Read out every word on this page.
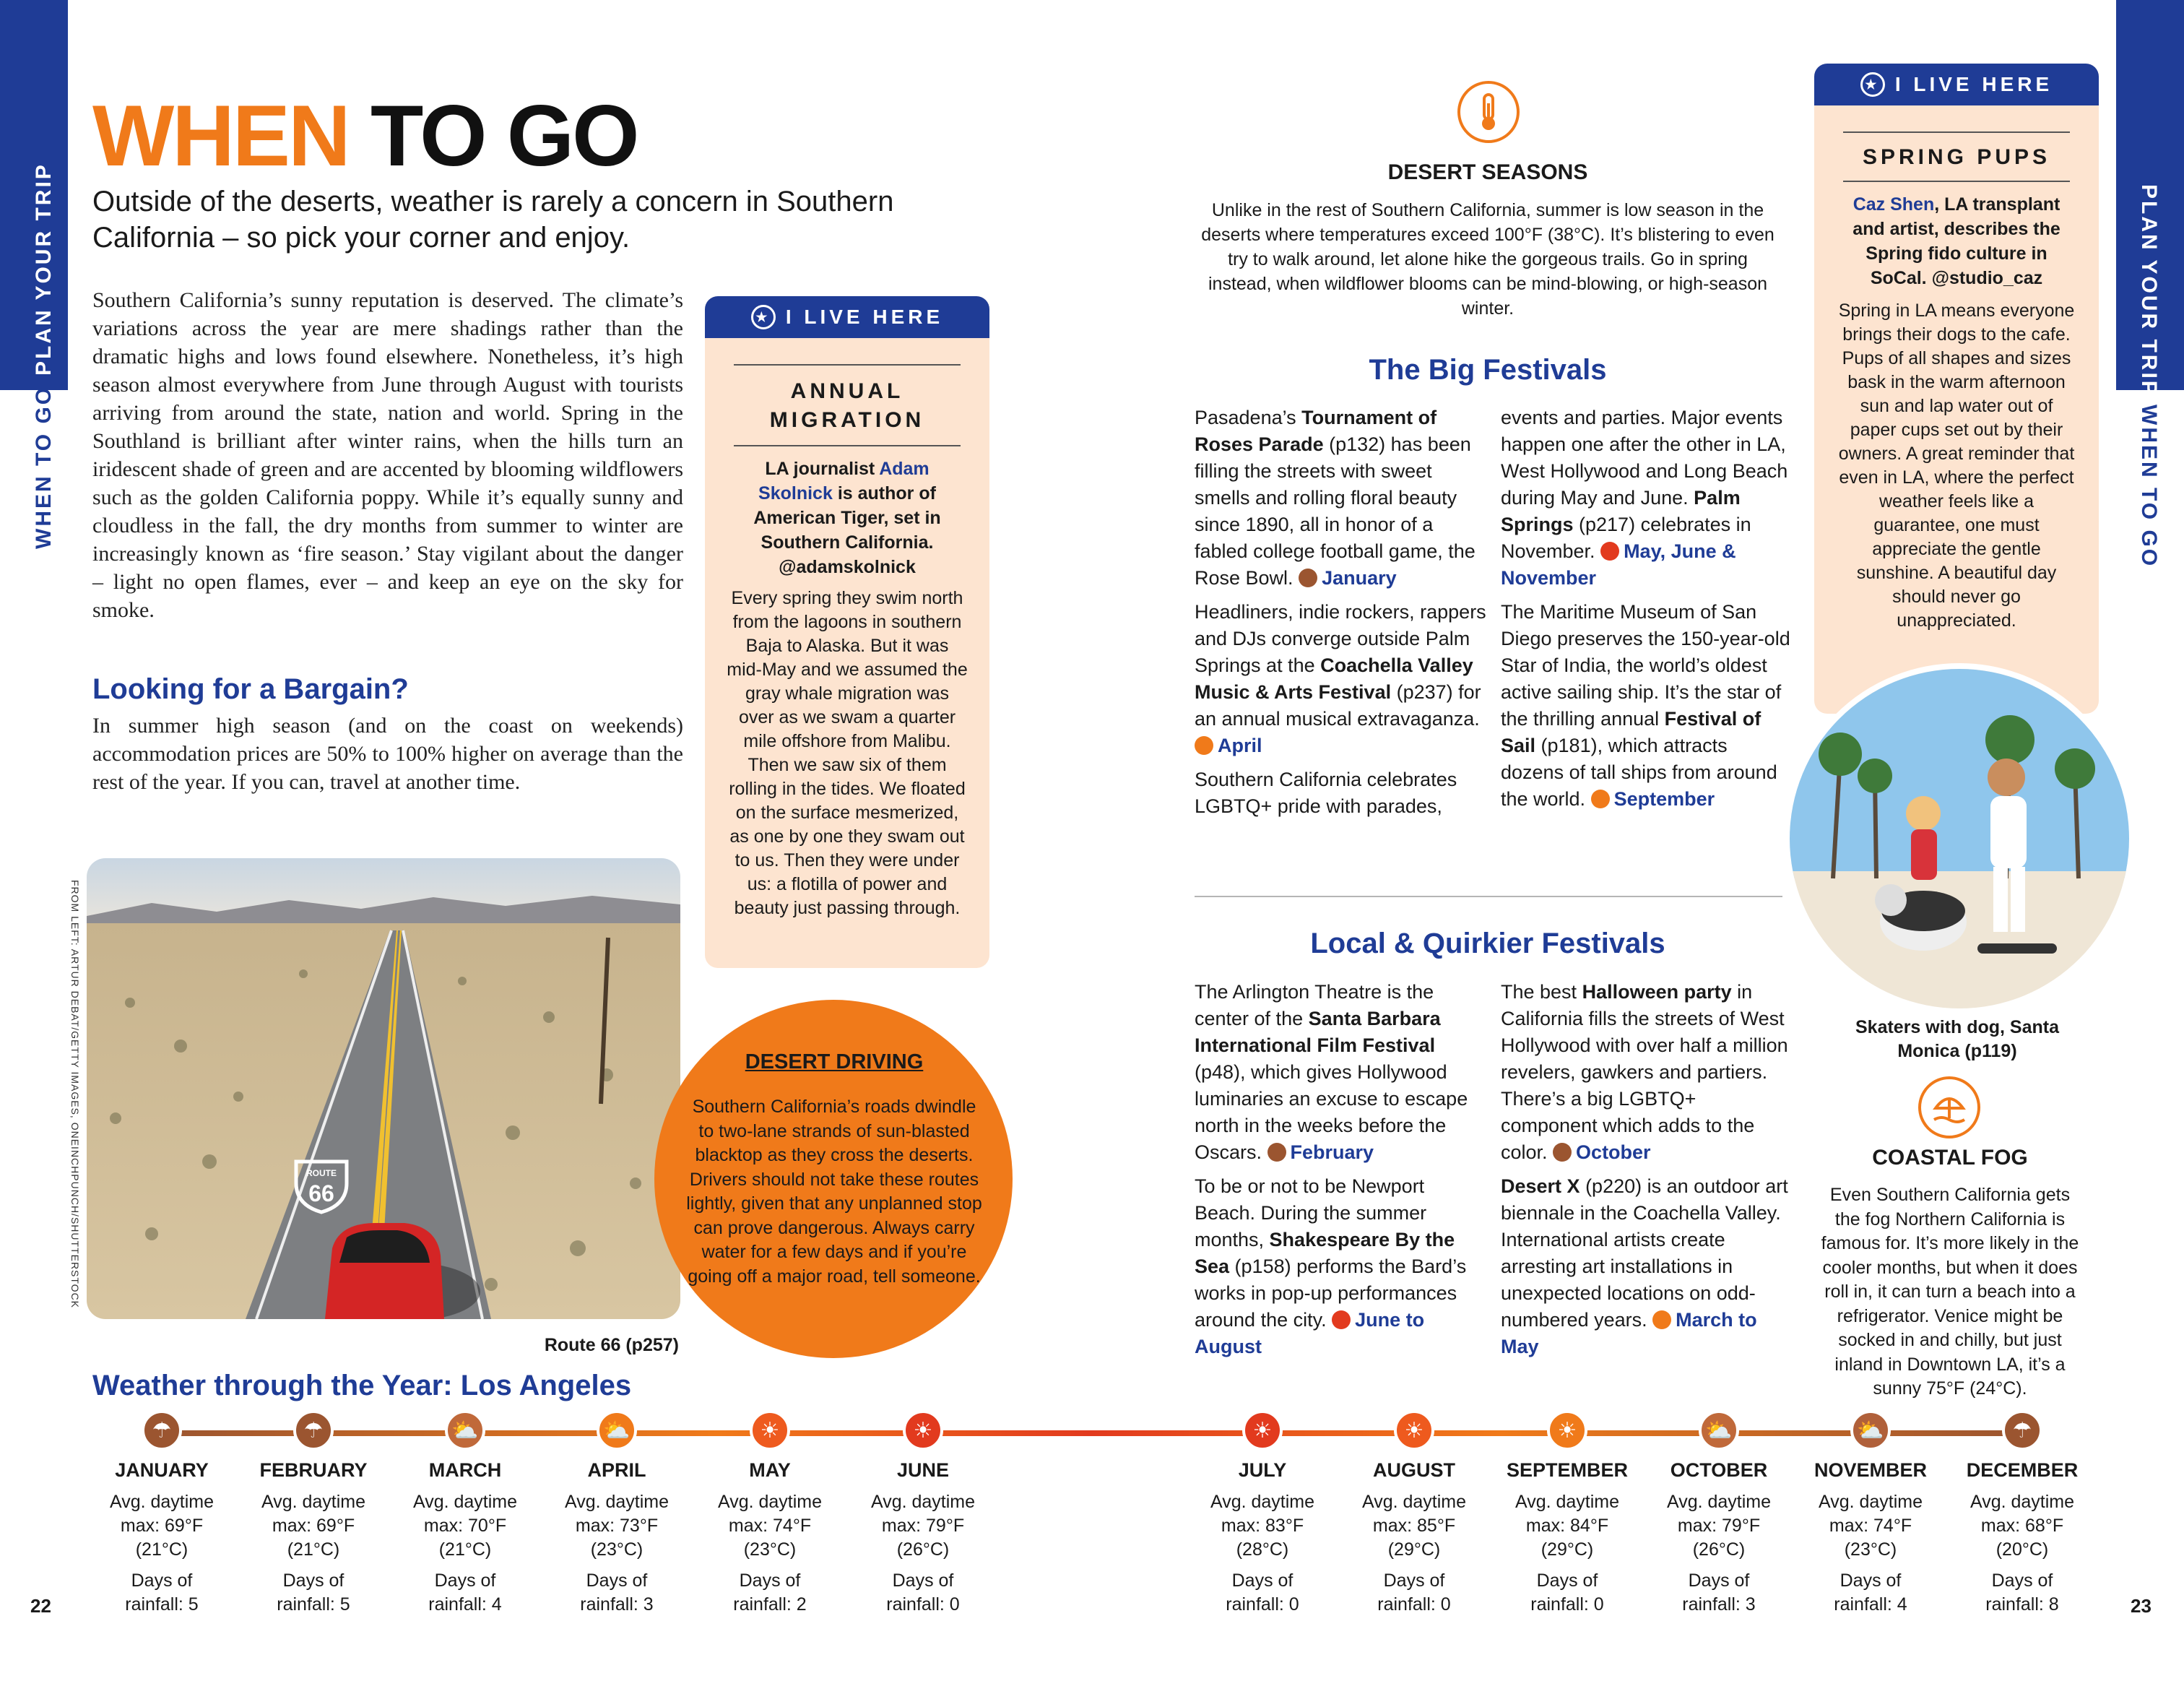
PLAN YOUR TRIP
WHEN TO GO
PLAN YOUR TRIP
WHEN TO GO
WHEN TO GO
Outside of the deserts, weather is rarely a concern in Southern California – so pick your corner and enjoy.
Southern California’s sunny reputation is deserved. The climate’s variations across the year are mere shadings rather than the dramatic highs and lows found elsewhere. Nonetheless, it’s high season almost everywhere from June through August with tourists arriving from around the state, nation and world. Spring in the Southland is brilliant after winter rains, when the hills turn an iridescent shade of green and are accented by blooming wildflowers such as the golden California poppy. While it’s equally sunny and cloudless in the fall, the dry months from summer to winter are increasingly known as ‘fire season.’ Stay vigilant about the danger – light no open flames, ever – and keep an eye on the sky for smoke.
Looking for a Bargain?
In summer high season (and on the coast on weekends) accommodation prices are 50% to 100% higher on average than the rest of the year. If you can, travel at another time.
★ I LIVE HERE
ANNUAL MIGRATION
LA journalist Adam Skolnick is author of American Tiger, set in Southern California. @adamskolnick
Every spring they swim north from the lagoons in southern Baja to Alaska. But it was mid-May and we assumed the gray whale migration was over as we swam a quarter mile offshore from Malibu. Then we saw six of them rolling in the tides. We floated on the surface mesmerized, as one by one they swam out to us. Then they were under us: a flotilla of power and beauty just passing through.
ROUTE
66
FROM LEFT: ARTUR DEBAT/GETTY IMAGES, ONEINCHPUNCH/SHUTTERSTOCK
Route 66 (p257)
DESERT DRIVING
Southern California’s roads dwindle to two-lane strands of sun-blasted blacktop as they cross the deserts. Drivers should not take these routes lightly, given that any unplanned stop can prove dangerous. Always carry water for a few days and if you’re going off a major road, tell someone.
DESERT SEASONS
Unlike in the rest of Southern California, summer is low season in the deserts where temperatures exceed 100°F (38°C). It’s blistering to even try to walk around, let alone hike the gorgeous trails. Go in spring instead, when wildflower blooms can be mind-blowing, or high-season winter.
The Big Festivals

Pasadena’s Tournament of Roses Parade (p132) has been filling the streets with sweet smells and rolling floral beauty since 1890, all in honor of a fabled college football game, the Rose Bowl. January

Headliners, indie rockers, rappers and DJs converge outside Palm Springs at the Coachella Valley Music & Arts Festival (p237) for an annual musical extravaganza. April

Southern California celebrates LGBTQ+ pride with parades,

events and parties. Major events happen one after the other in LA, West Hollywood and Long Beach during May and June. Palm Springs (p217) celebrates in November. May, June & November

The Maritime Museum of San Diego preserves the 150-year-old Star of India, the world’s oldest active sailing ship. It’s the star of the thrilling annual Festival of Sail (p181), which attracts dozens of tall ships from around the world. September

Local & Quirkier Festivals

The Arlington Theatre is the center of the Santa Barbara International Film Festival (p48), which gives Hollywood luminaries an excuse to escape north in the weeks before the Oscars. February

To be or not to be Newport Beach. During the summer months, Shakespeare By the Sea (p158) performs the Bard’s works in pop-up performances around the city. June to August

The best Halloween party in California fills the streets of West Hollywood with over half a million revelers, gawkers and partiers. There’s a big LGBTQ+ component which adds to the color. October

Desert X (p220) is an outdoor art biennale in the Coachella Valley. International artists create arresting art installations in unexpected locations on odd-numbered years. March to May

★ I LIVE HERE
SPRING PUPS
Caz Shen, LA transplant and artist, describes the Spring fido culture in SoCal. @studio_caz
Spring in LA means everyone brings their dogs to the cafe. Pups of all shapes and sizes bask in the warm afternoon sun and lap water out of paper cups set out by their owners. A great reminder that even in LA, where the perfect weather feels like a guarantee, one must appreciate the gentle sunshine. A beautiful day should never go unappreciated.
Skaters with dog, Santa Monica (p119)
COASTAL FOG
Even Southern California gets the fog Northern California is famous for. It’s more likely in the cooler months, but when it does roll in, it can turn a beach into a refrigerator. Venice might be socked in and chilly, but just inland in Downtown LA, it’s a sunny 75°F (24°C).
Weather through the Year: Los Angeles
☂
JANUARY
Avg. daytime
max: 69°F
(21°C)
Days of
rainfall: 5
☂
FEBRUARY
Avg. daytime
max: 69°F
(21°C)
Days of
rainfall: 5
⛅
MARCH
Avg. daytime
max: 70°F
(21°C)
Days of
rainfall: 4
⛅
APRIL
Avg. daytime
max: 73°F
(23°C)
Days of
rainfall: 3
☀
MAY
Avg. daytime
max: 74°F
(23°C)
Days of
rainfall: 2
☀
JUNE
Avg. daytime
max: 79°F
(26°C)
Days of
rainfall: 0
☀
JULY
Avg. daytime
max: 83°F
(28°C)
Days of
rainfall: 0
☀
AUGUST
Avg. daytime
max: 85°F
(29°C)
Days of
rainfall: 0
☀
SEPTEMBER
Avg. daytime
max: 84°F
(29°C)
Days of
rainfall: 0
⛅
OCTOBER
Avg. daytime
max: 79°F
(26°C)
Days of
rainfall: 3
⛅
NOVEMBER
Avg. daytime
max: 74°F
(23°C)
Days of
rainfall: 4
☂
DECEMBER
Avg. daytime
max: 68°F
(20°C)
Days of
rainfall: 8
22	23
